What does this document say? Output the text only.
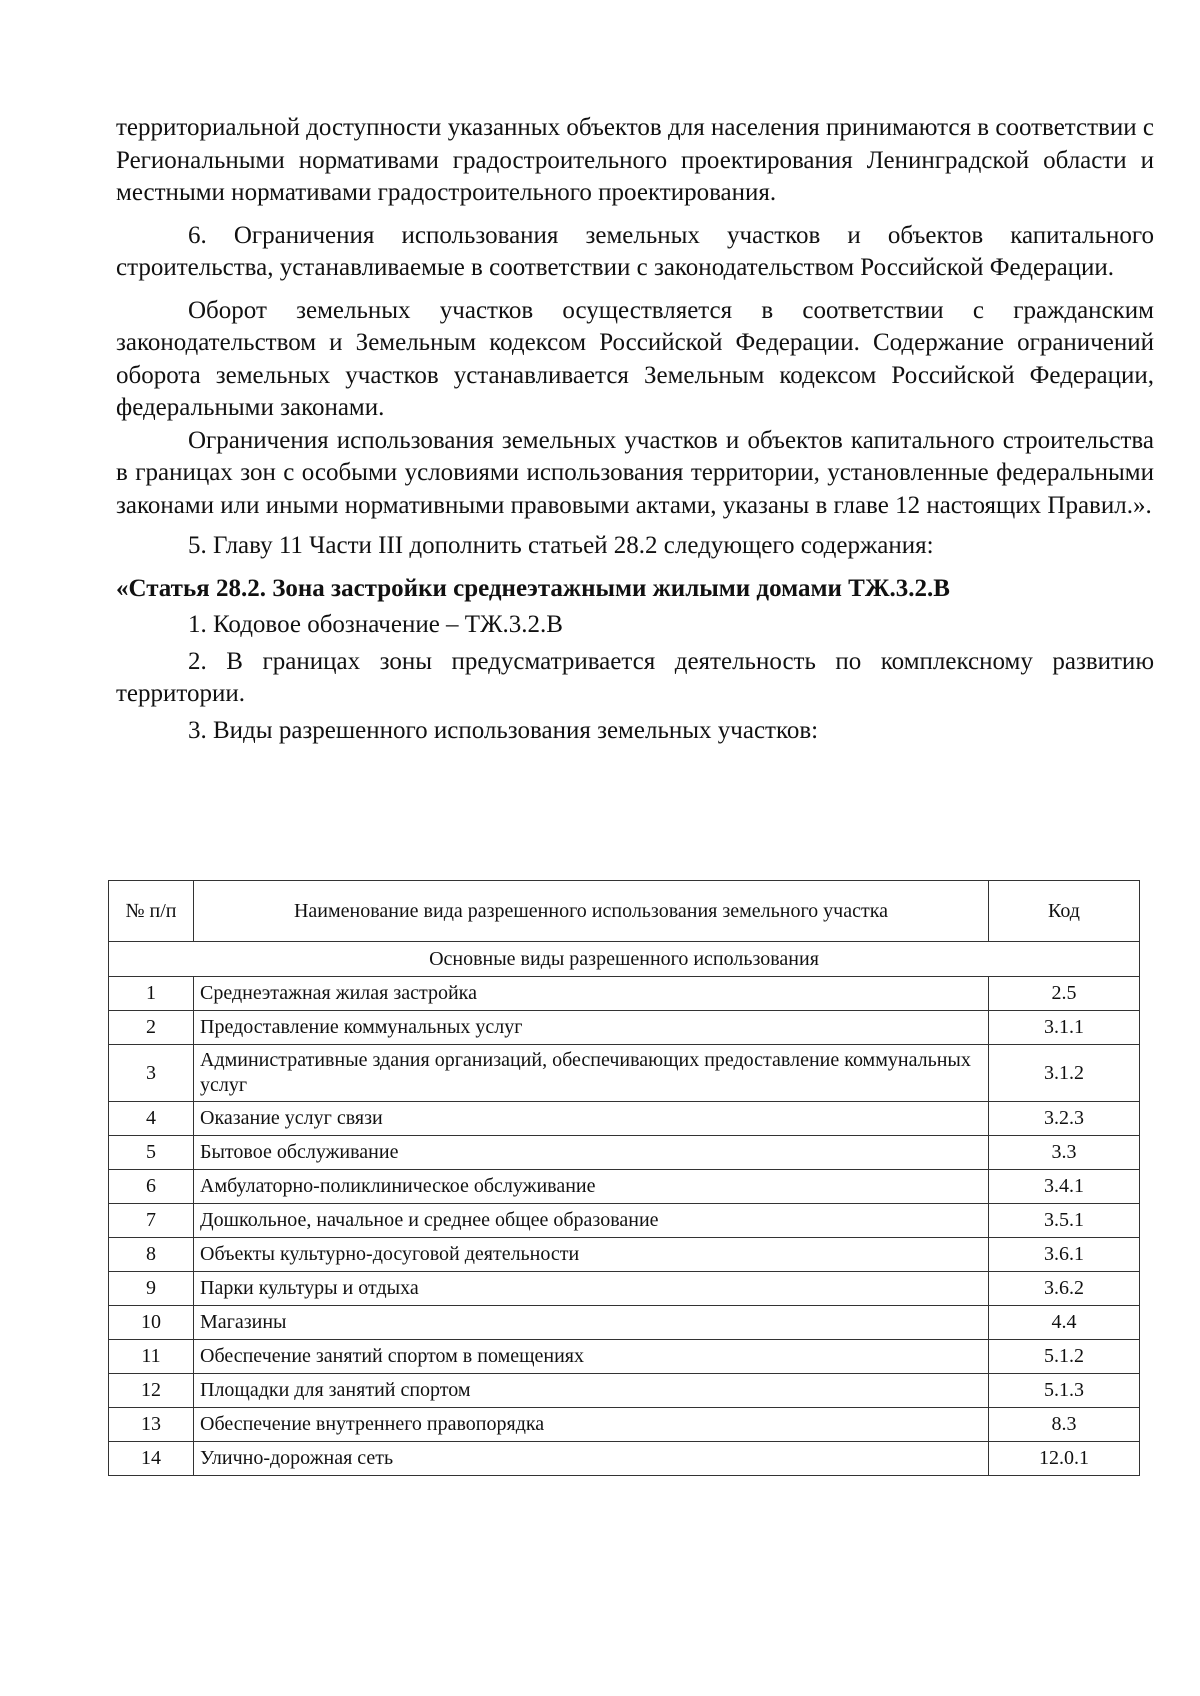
территориальной доступности указанных объектов для населения принимаются в соответствии с Региональными нормативами градостроительного проектирования Ленинградской области и местными нормативами градостроительного проектирования.

6. Ограничения использования земельных участков и объектов капитального строительства, устанавливаемые в соответствии с законодательством Российской Федерации.

Оборот земельных участков осуществляется в соответствии с гражданским законодательством и Земельным кодексом Российской Федерации. Содержание ограничений оборота земельных участков устанавливается Земельным кодексом Российской Федерации, федеральными законами.

Ограничения использования земельных участков и объектов капитального строительства в границах зон с особыми условиями использования территории, установленные федеральными законами или иными нормативными правовыми актами, указаны в главе 12 настоящих Правил.».

5. Главу 11 Части III дополнить статьей 28.2 следующего содержания:

«Статья 28.2. Зона застройки среднеэтажными жилыми домами ТЖ.3.2.В

1. Кодовое обозначение – ТЖ.3.2.В

2. В границах зоны предусматривается деятельность по комплексному развитию территории.

3. Виды разрешенного использования земельных участков:

№ п/п	Наименование вида разрешенного использования земельного участка	Код
Основные виды разрешенного использования		
1	Среднеэтажная жилая застройка	2.5
2	Предоставление коммунальных услуг	3.1.1
3	Административные здания организаций, обеспечивающих предоставление коммунальных услуг	3.1.2
4	Оказание услуг связи	3.2.3
5	Бытовое обслуживание	3.3
6	Амбулаторно-поликлиническое обслуживание	3.4.1
7	Дошкольное, начальное и среднее общее образование	3.5.1
8	Объекты культурно-досуговой деятельности	3.6.1
9	Парки культуры и отдыха	3.6.2
10	Магазины	4.4
11	Обеспечение занятий спортом в помещениях	5.1.2
12	Площадки для занятий спортом	5.1.3
13	Обеспечение внутреннего правопорядка	8.3
14	Улично-дорожная сеть	12.0.1
